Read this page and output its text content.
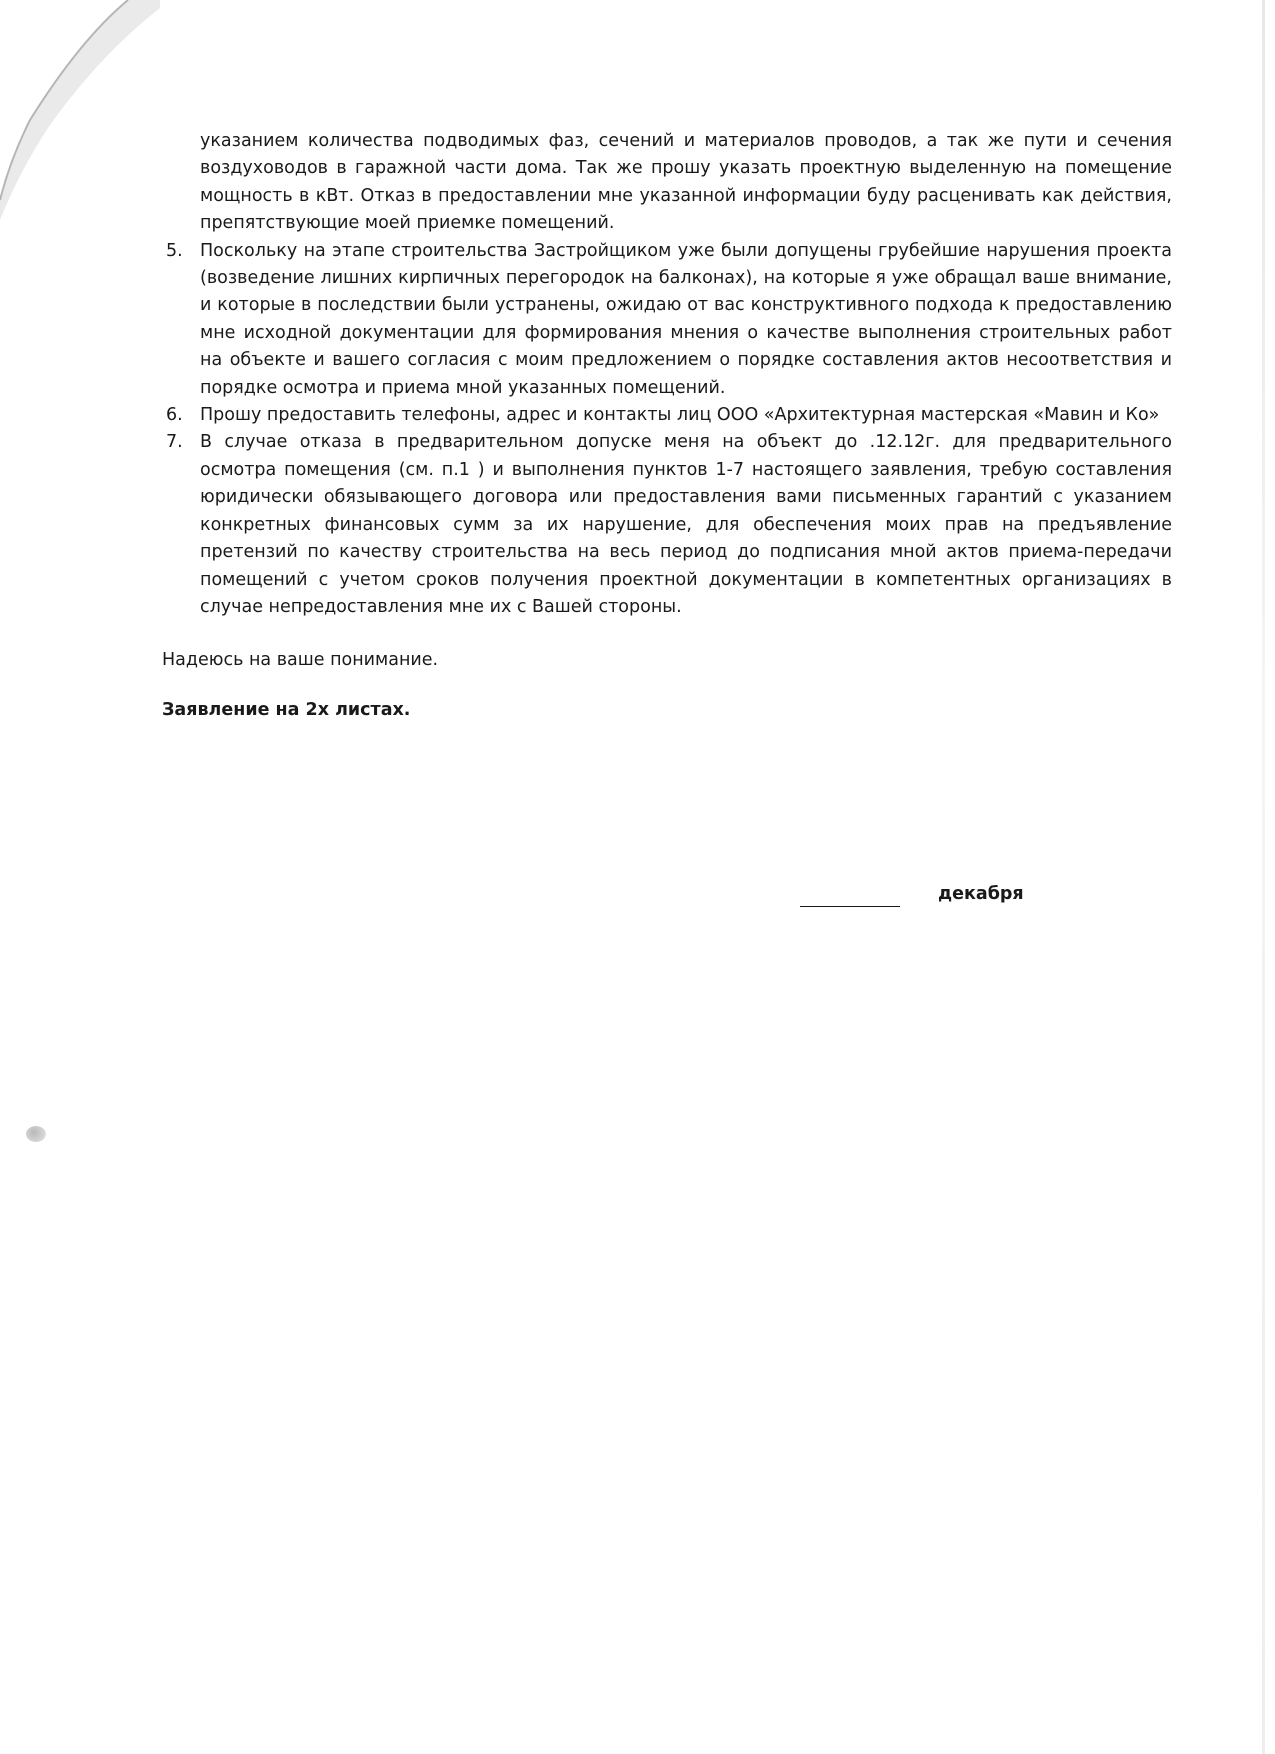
указанием количества подводимых фаз, сечений и материалов проводов, а так же пути и сечения воздуховодов в гаражной части дома. Так же прошу указать проектную выделенную на помещение мощность в кВт. Отказ в предоставлении мне указанной информации буду расценивать как действия, препятствующие моей приемке помещений.

5. Поскольку на этапе строительства Застройщиком уже были допущены грубейшие нарушения проекта (возведение лишних кирпичных перегородок на балконах), на которые я уже обращал ваше внимание, и которые в последствии были устранены, ожидаю от вас конструктивного подхода к предоставлению мне исходной документации для формирования мнения о качестве выполнения строительных работ на объекте и вашего согласия с моим предложением о порядке составления актов несоответствия и порядке осмотра и приема мной указанных помещений.
6. Прошу предоставить телефоны, адрес и контакты лиц ООО «Архитектурная мастерская «Мавин и Ко»
7. В случае отказа в предварительном допуске меня на объект до .12.12г. для предварительного осмотра помещения (см. п.1 ) и выполнения пунктов 1-7 настоящего заявления, требую составления юридически обязывающего договора или предоставления вами письменных гарантий с указанием конкретных финансовых сумм за их нарушение, для обеспечения моих прав на предъявление претензий по качеству строительства на весь период до подписания мной актов приема-передачи помещений с учетом сроков получения проектной документации в компетентных организациях в случае непредоставления мне их с Вашей стороны.

Надеюсь на ваше понимание.

Заявление на 2х листах.

декабря
